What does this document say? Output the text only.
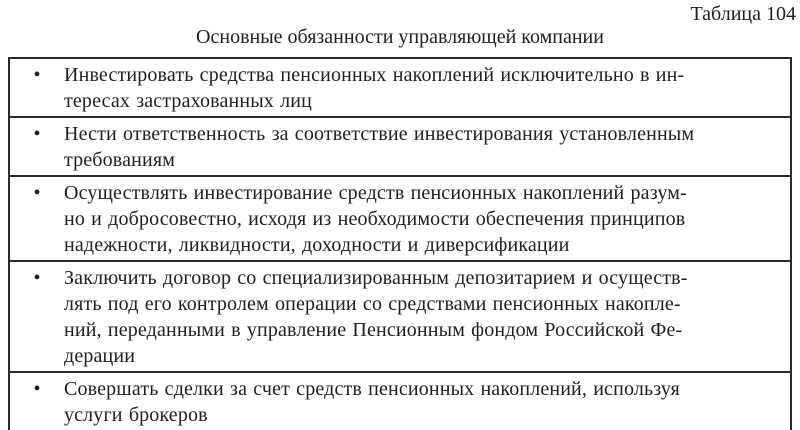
Таблица 104
Основные обязанности управляющей компании
•	Инвестировать средства пенсионных накоплений исключительно в ин-
тересах застрахованных лиц
•	Нести ответственность за соответствие инвестирования установленным
требованиям
•	Осуществлять инвестирование средств пенсионных накоплений разум-
но и добросовестно, исходя из необходимости обеспечения принципов
надежности, ликвидности, доходности и диверсификации
•	Заключить договор со специализированным депозитарием и осуществ-
лять под его контролем операции со средствами пенсионных накопле-
ний, переданными в управление Пенсионным фондом Российской Фе-
дерации
•	Совершать сделки за счет средств пенсионных накоплений, используя
услуги брокеров
